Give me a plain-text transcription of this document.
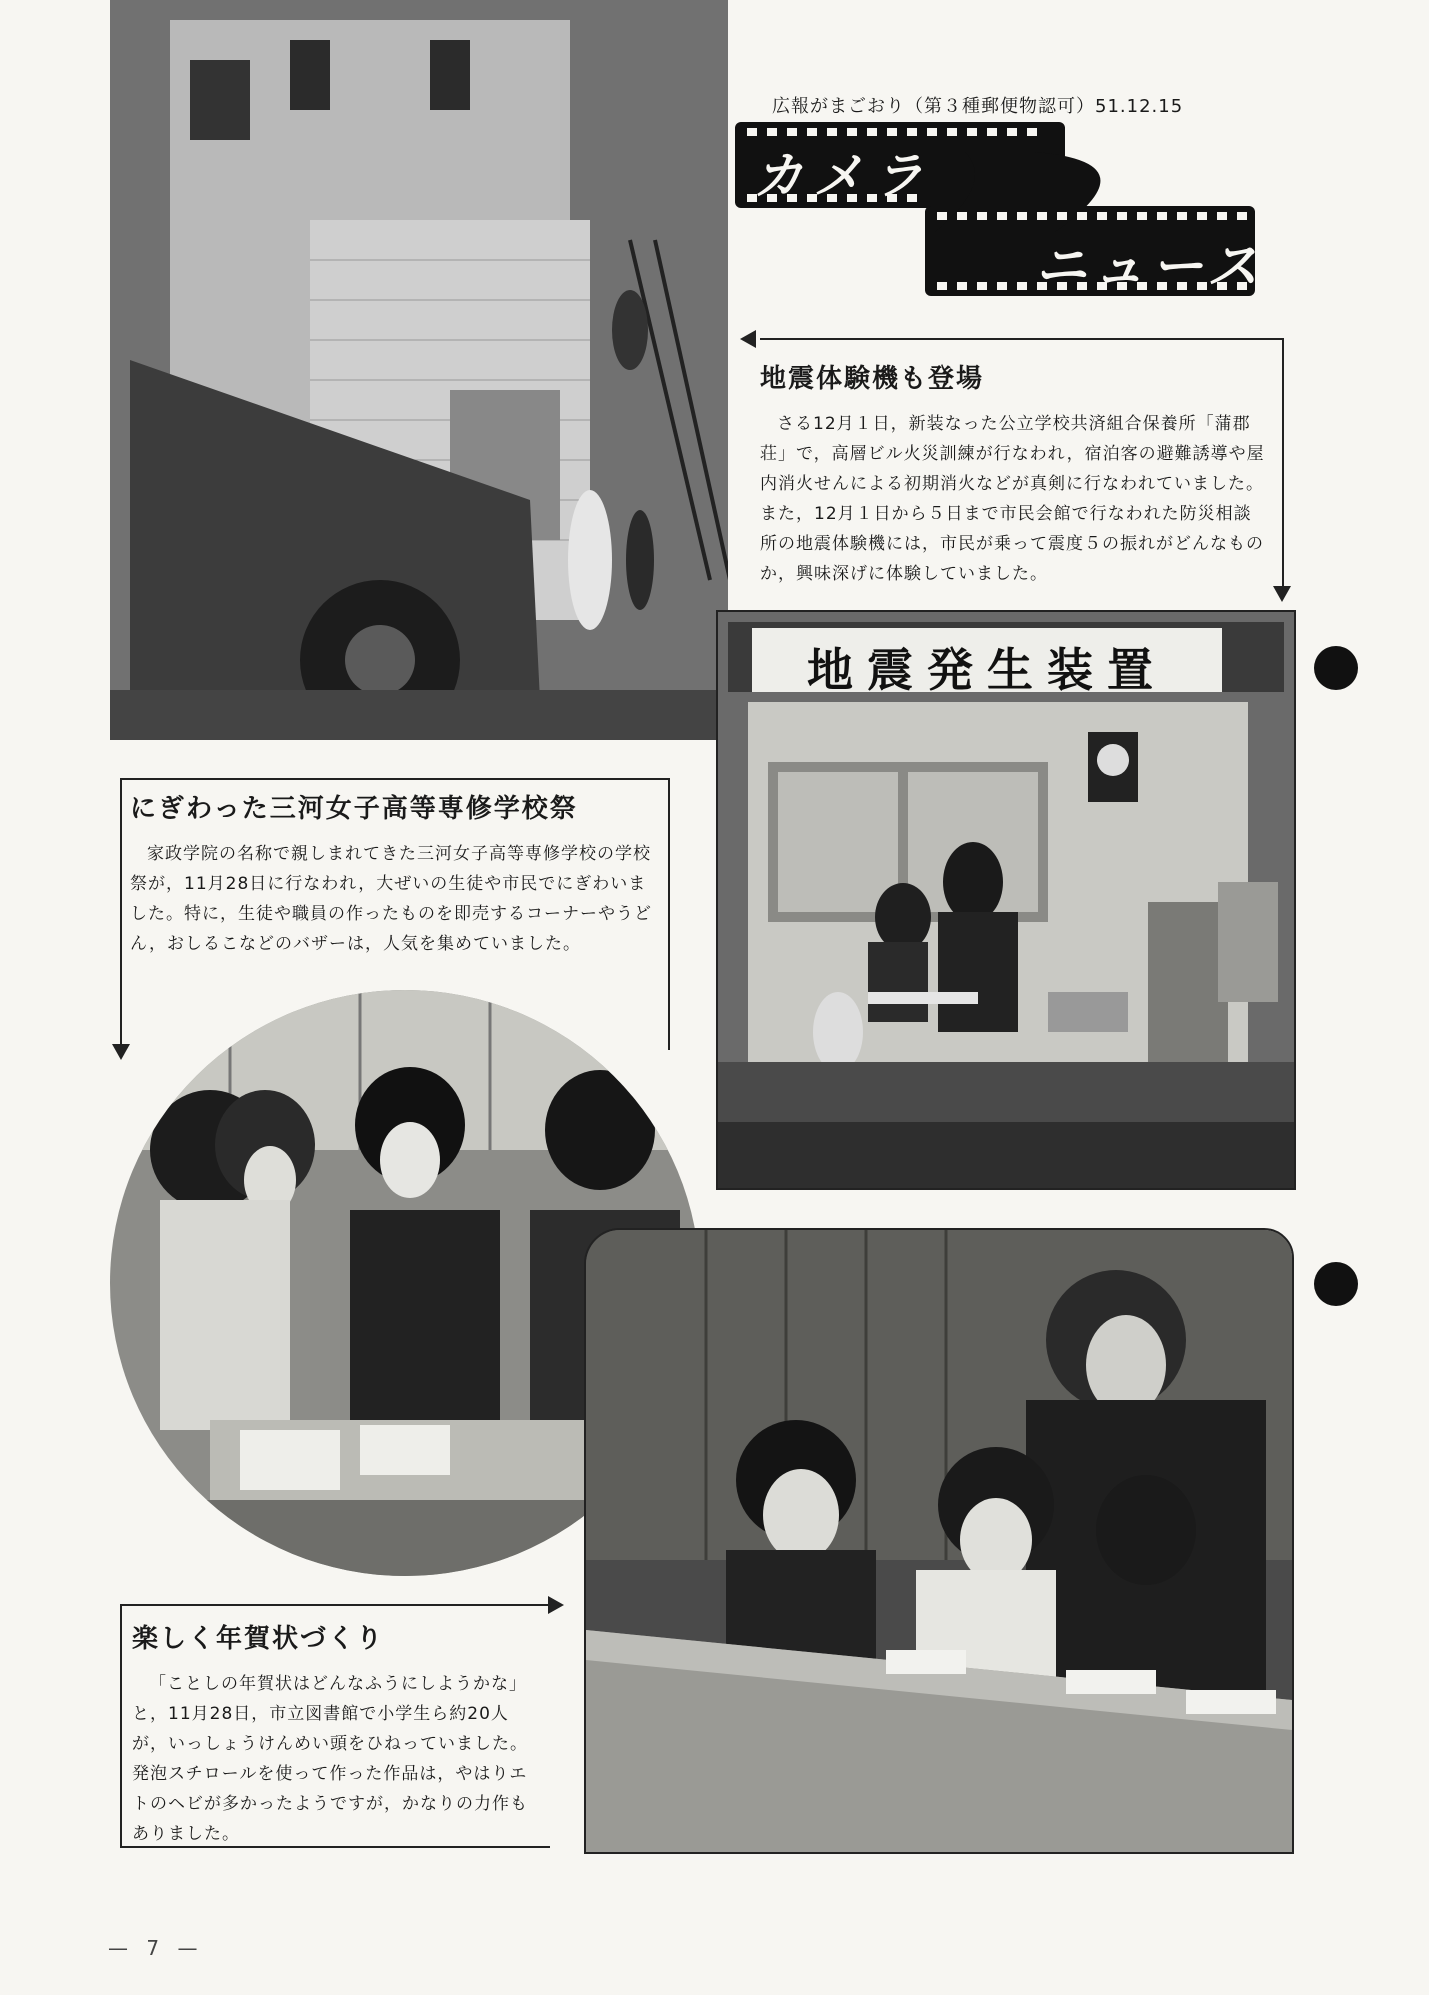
広報がまごおり（第３種郵便物認可）51.12.15
カメラ
ニュース
地震体験機も登場

さる12月１日，新装なった公立学校共済組合保養所「蒲郡荘」で，高層ビル火災訓練が行なわれ，宿泊客の避難誘導や屋内消火せんによる初期消火などが真剣に行なわれていました。また，12月１日から５日まで市民会館で行なわれた防災相談所の地震体験機には，市民が乗って震度５の振れがどんなものか，興味深げに体験していました。

地震発生装置
にぎわった三河女子高等専修学校祭

家政学院の名称で親しまれてきた三河女子高等専修学校の学校祭が，11月28日に行なわれ，大ぜいの生徒や市民でにぎわいました。特に，生徒や職員の作ったものを即売するコーナーやうどん，おしるこなどのバザーは，人気を集めていました。

楽しく年賀状づくり

「ことしの年賀状はどんなふうにしようかな」と，11月28日，市立図書館で小学生ら約20人が，いっしょうけんめい頭をひねっていました。発泡スチロールを使って作った作品は，やはりエトのヘビが多かったようですが，かなりの力作もありました。

— 7 —
